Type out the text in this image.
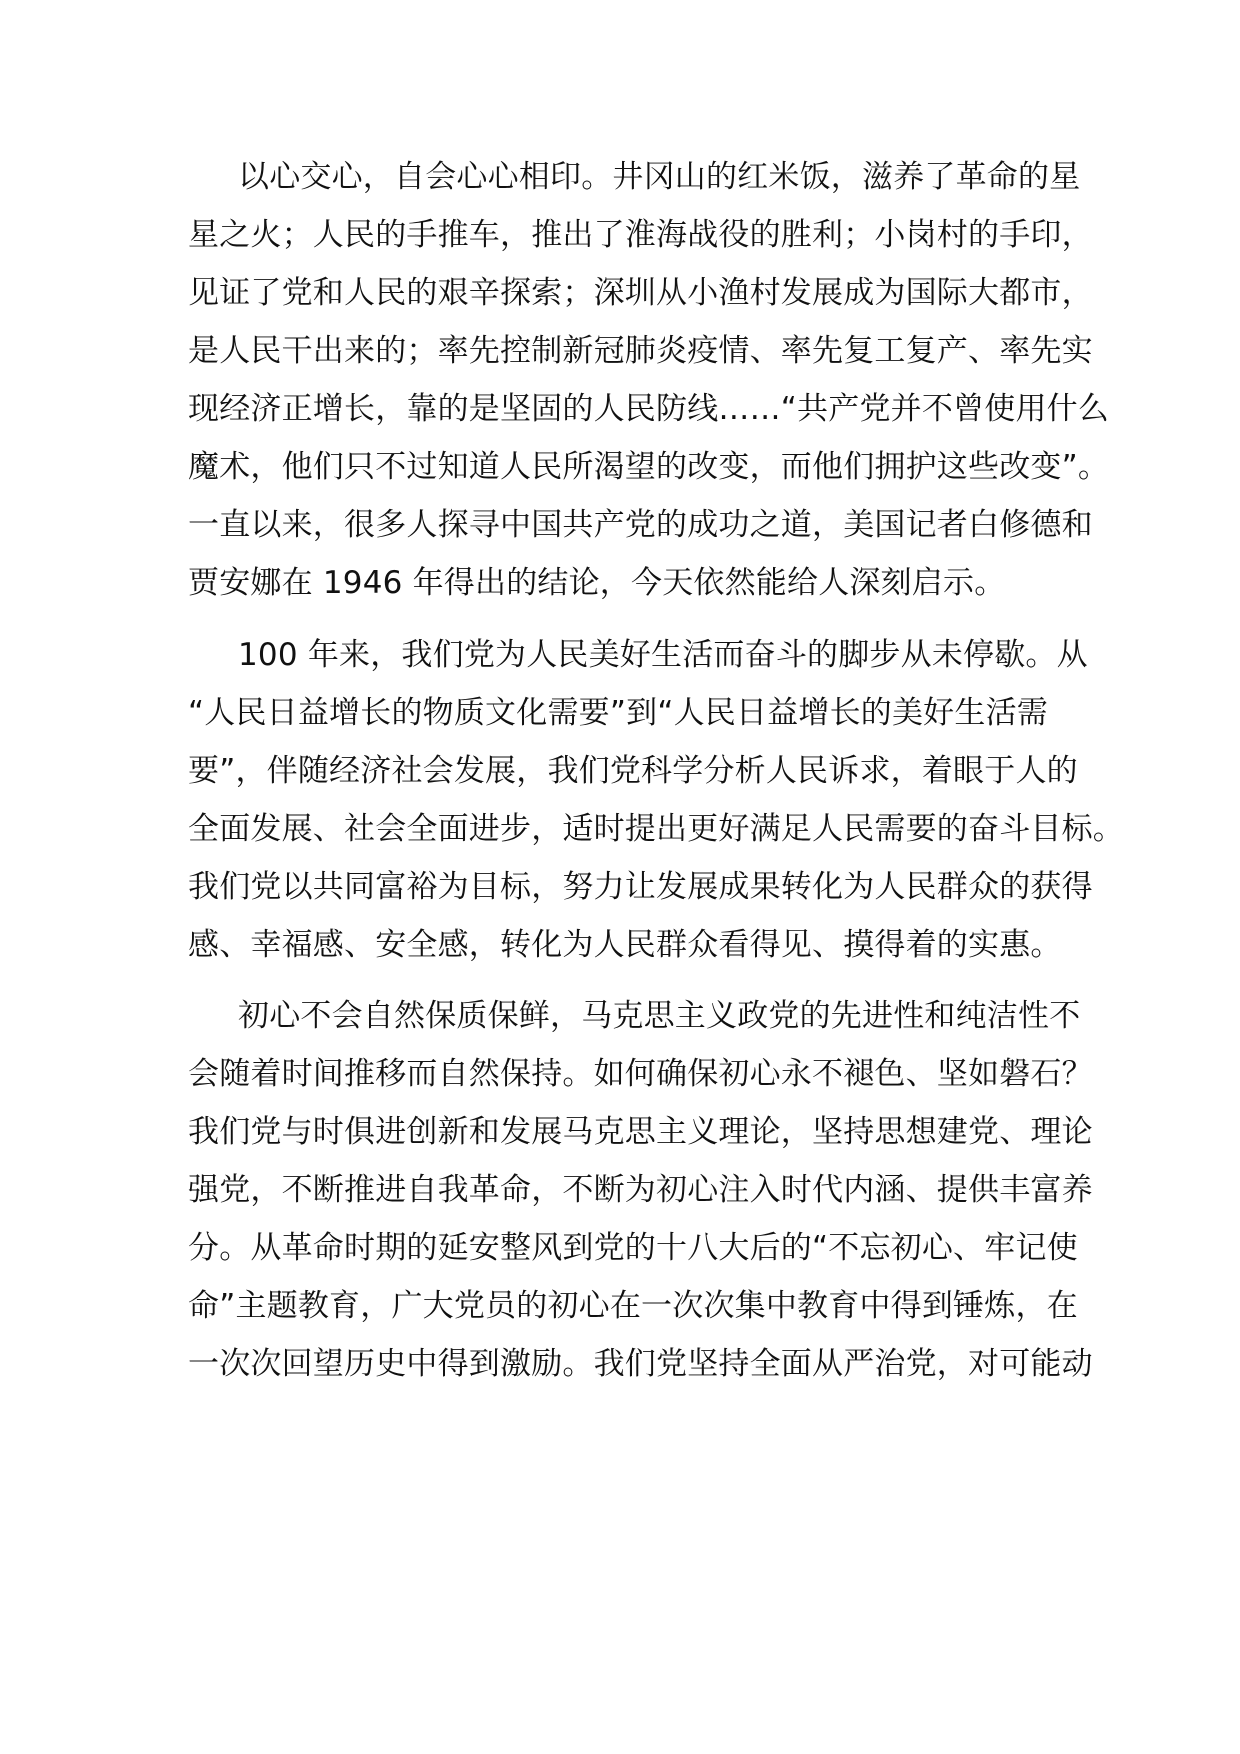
以心交心，自会心心相印。井冈山的红米饭，滋养了革命的星
星之火；人民的手推车，推出了淮海战役的胜利；小岗村的手印，
见证了党和人民的艰辛探索；深圳从小渔村发展成为国际大都市，
是人民干出来的；率先控制新冠肺炎疫情、率先复工复产、率先实
现经济正增长，靠的是坚固的人民防线……“共产党并不曾使用什么
魔术，他们只不过知道人民所渴望的改变，而他们拥护这些改变”。
一直以来，很多人探寻中国共产党的成功之道，美国记者白修德和
贾安娜在 1946 年得出的结论，今天依然能给人深刻启示。
100 年来，我们党为人民美好生活而奋斗的脚步从未停歇。从
“人民日益增长的物质文化需要”到“人民日益增长的美好生活需
要”，伴随经济社会发展，我们党科学分析人民诉求，着眼于人的
全面发展、社会全面进步，适时提出更好满足人民需要的奋斗目标。
我们党以共同富裕为目标，努力让发展成果转化为人民群众的获得
感、幸福感、安全感，转化为人民群众看得见、摸得着的实惠。
初心不会自然保质保鲜，马克思主义政党的先进性和纯洁性不
会随着时间推移而自然保持。如何确保初心永不褪色、坚如磐石？
我们党与时俱进创新和发展马克思主义理论，坚持思想建党、理论
强党，不断推进自我革命，不断为初心注入时代内涵、提供丰富养
分。从革命时期的延安整风到党的十八大后的“不忘初心、牢记使
命”主题教育，广大党员的初心在一次次集中教育中得到锤炼，在
一次次回望历史中得到激励。我们党坚持全面从严治党，对可能动
